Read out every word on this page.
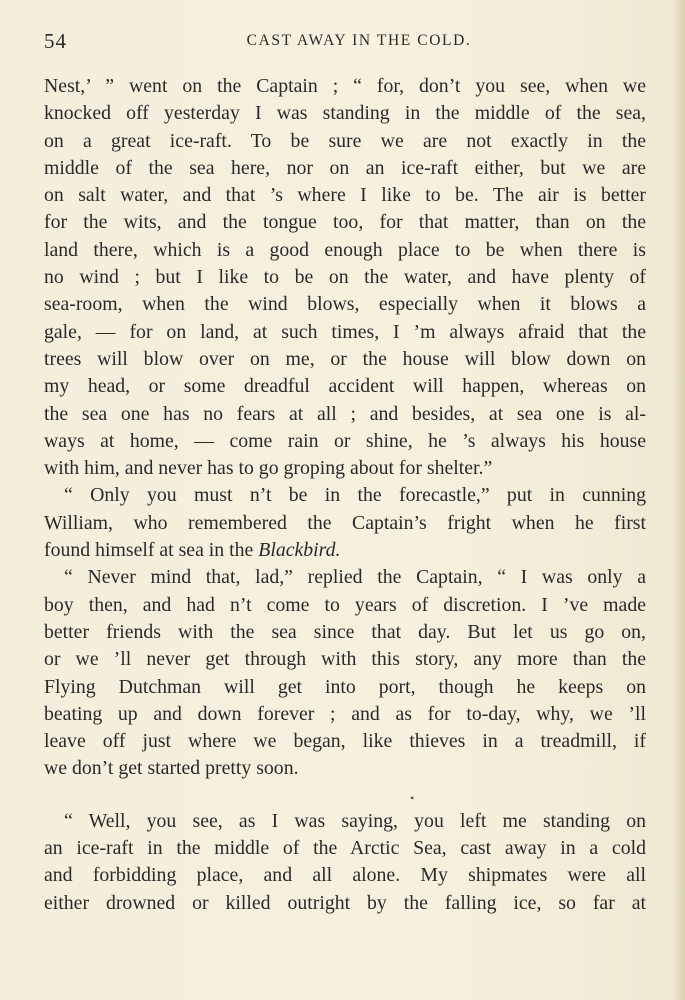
54	CAST AWAY IN THE COLD.
Nest,’ ” went on the Captain ; “ for, don’t you see, when we
knocked off yesterday I was standing in the middle of the sea,
on a great ice-raft. To be sure we are not exactly in the
middle of the sea here, nor on an ice-raft either, but we are
on salt water, and that ’s where I like to be. The air is better
for the wits, and the tongue too, for that matter, than on the
land there, which is a good enough place to be when there is
no wind ; but I like to be on the water, and have plenty of
sea-room, when the wind blows, especially when it blows a
gale, — for on land, at such times, I ’m always afraid that the
trees will blow over on me, or the house will blow down on
my head, or some dreadful accident will happen, whereas on
the sea one has no fears at all ; and besides, at sea one is al-
ways at home, — come rain or shine, he ’s always his house
with him, and never has to go groping about for shelter.”
“ Only you must n’t be in the forecastle,” put in cunning
William, who remembered the Captain’s fright when he first
found himself at sea in the Blackbird.
“ Never mind that, lad,” replied the Captain, “ I was only a
boy then, and had n’t come to years of discretion. I ’ve made
better friends with the sea since that day. But let us go on,
or we ’ll never get through with this story, any more than the
Flying Dutchman will get into port, though he keeps on
beating up and down forever ; and as for to-day, why, we ’ll
leave off just where we began, like thieves in a treadmill, if
we don’t get started pretty soon.
“ Well, you see, as I was saying, you left me standing on
an ice-raft in the middle of the Arctic Sea, cast away in a cold
and forbidding place, and all alone. My shipmates were all
either drowned or killed outright by the falling ice, so far at
•
